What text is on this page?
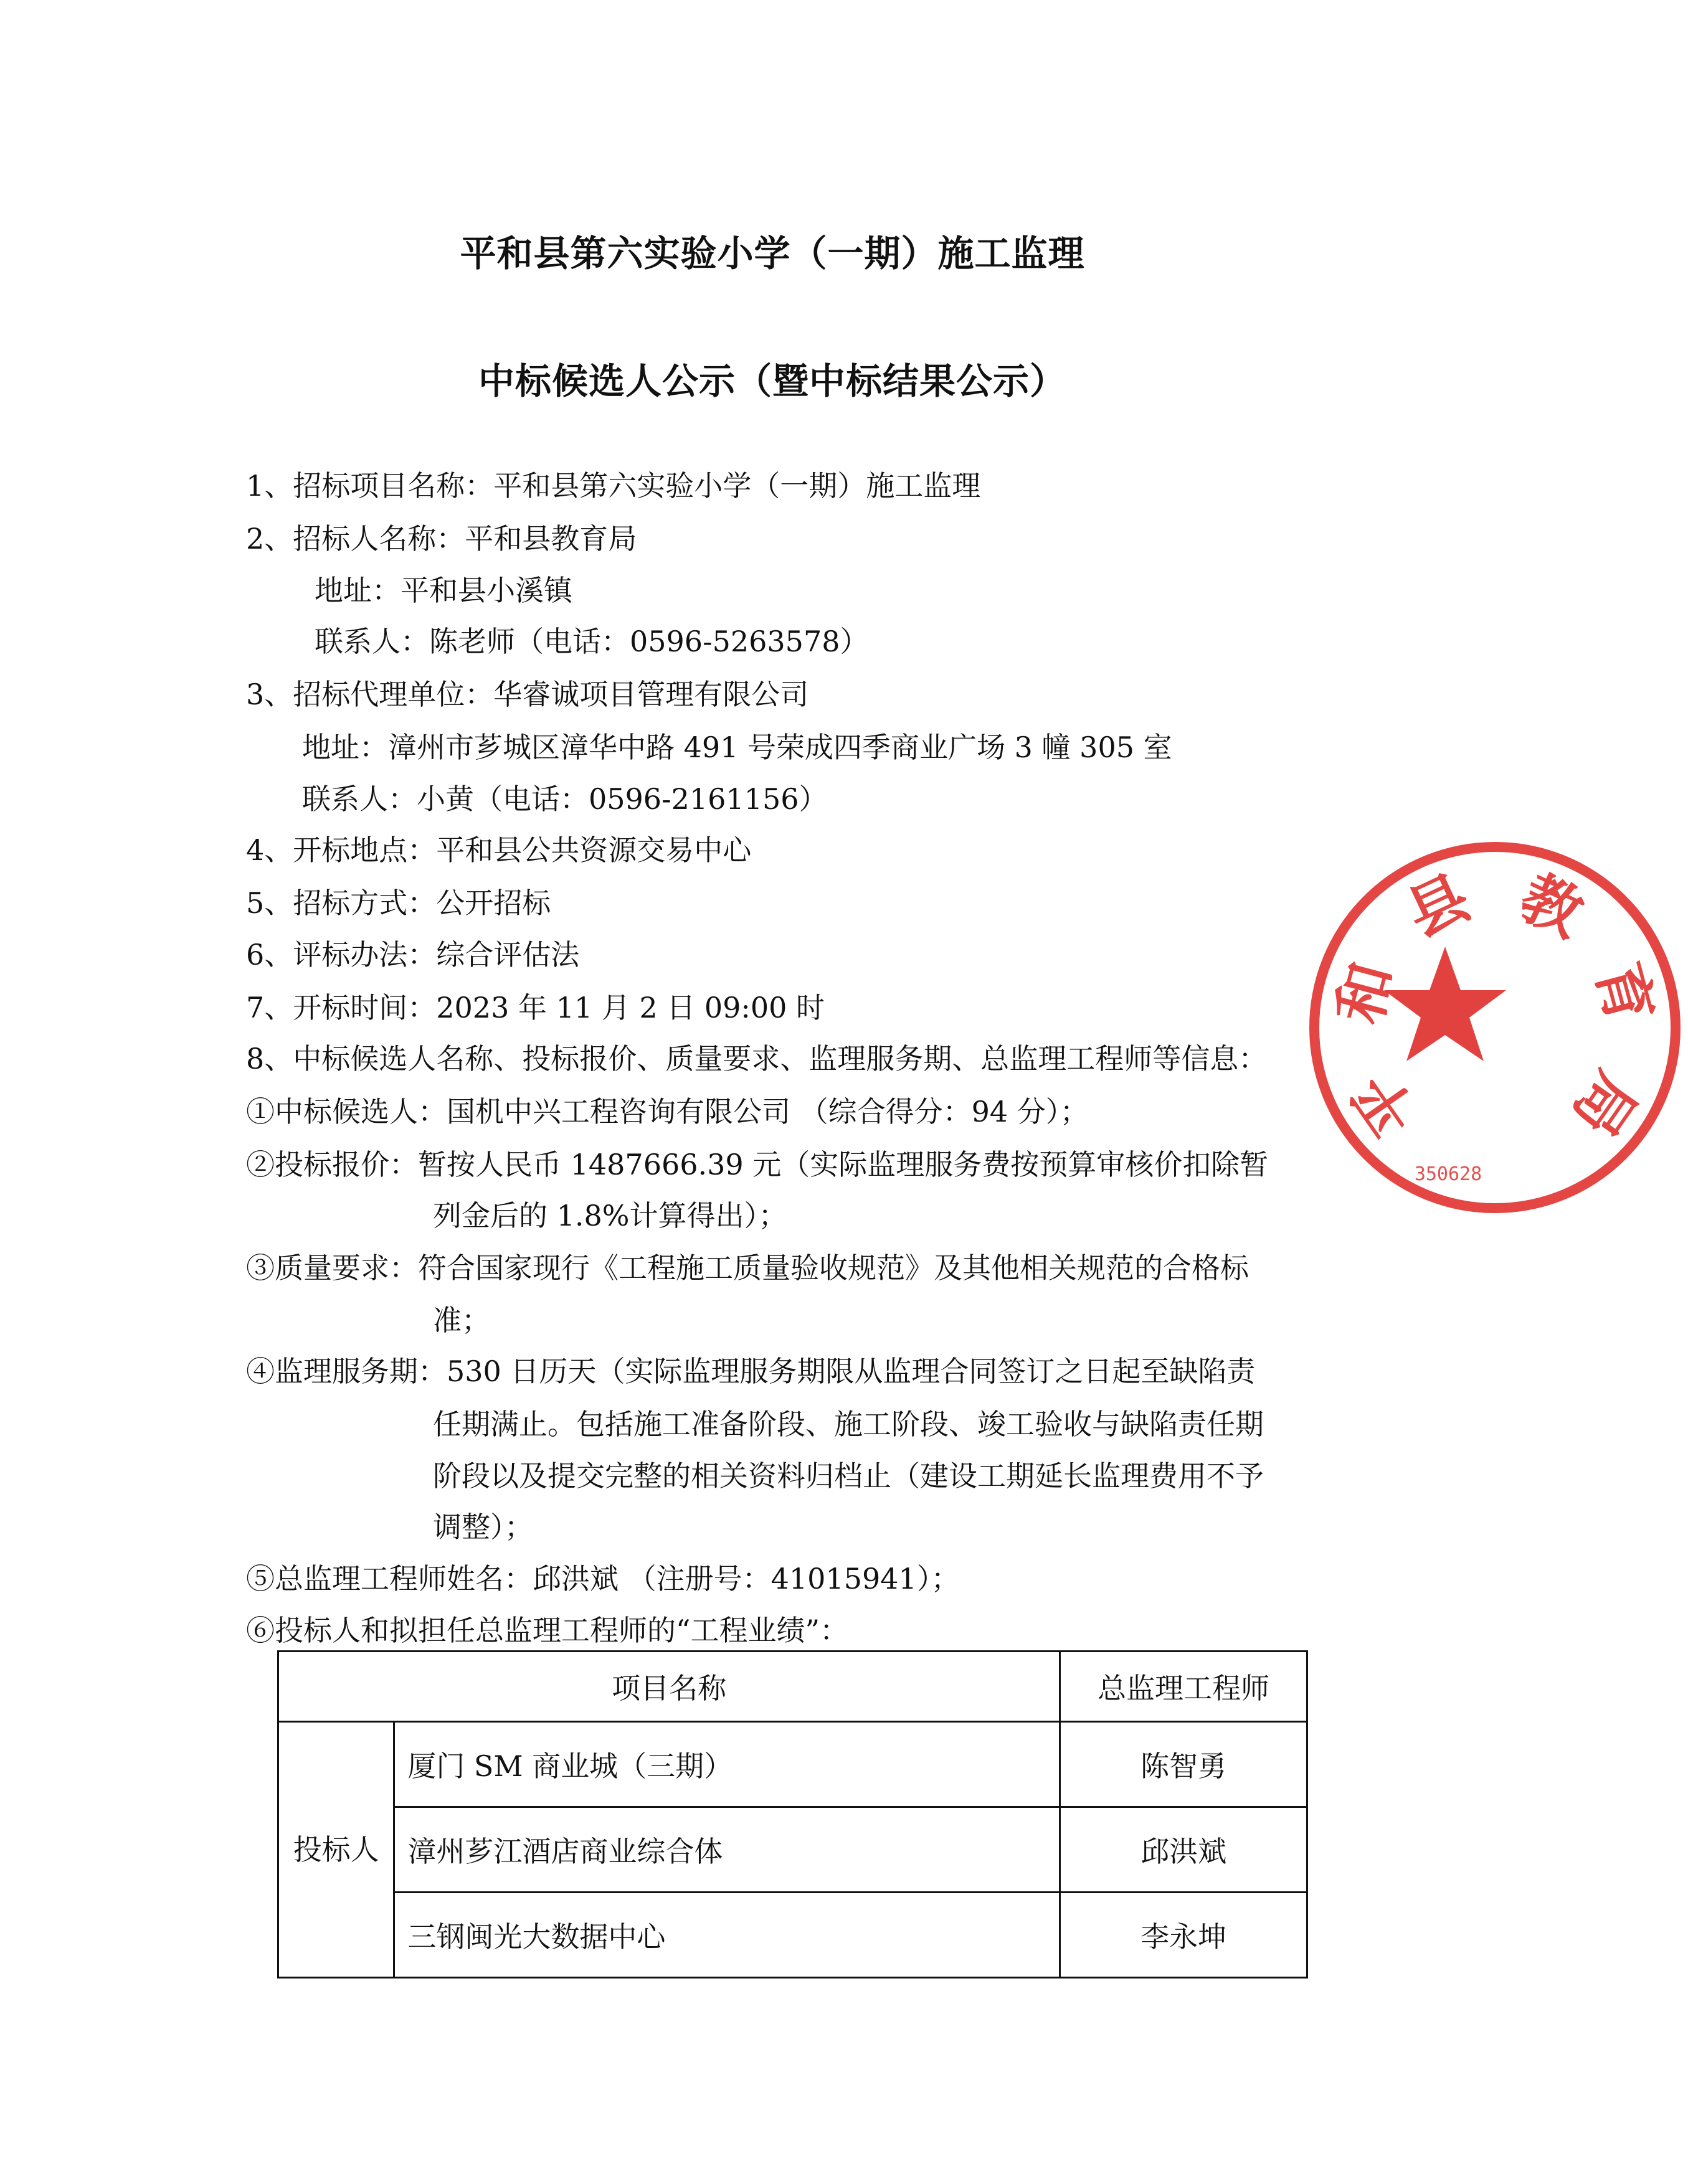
平和县第六实验小学（一期）施工监理
中标候选人公示（暨中标结果公示）
1、招标项目名称：平和县第六实验小学（一期）施工监理
2、招标人名称：平和县教育局
地址：平和县小溪镇
联系人：陈老师（电话：0596-5263578）
3、招标代理单位：华睿诚项目管理有限公司
地址：漳州市芗城区漳华中路 491 号荣成四季商业广场 3 幢 305 室
联系人：小黄（电话：0596-2161156）
4、开标地点：平和县公共资源交易中心
5、招标方式：公开招标
6、评标办法：综合评估法
7、开标时间：2023 年 11 月 2 日 09:00 时
8、中标候选人名称、投标报价、质量要求、监理服务期、总监理工程师等信息：
①中标候选人：国机中兴工程咨询有限公司 （综合得分：94 分）；
②投标报价：暂按人民币 1487666.39 元（实际监理服务费按预算审核价扣除暂
列金后的 1.8%计算得出）；
③质量要求：符合国家现行《工程施工质量验收规范》及其他相关规范的合格标
准；
④监理服务期：530 日历天（实际监理服务期限从监理合同签订之日起至缺陷责
任期满止。包括施工准备阶段、施工阶段、竣工验收与缺陷责任期
阶段以及提交完整的相关资料归档止（建设工期延长监理费用不予
调整）；
⑤总监理工程师姓名：邱洪斌 （注册号：41015941）；
⑥投标人和拟担任总监理工程师的“工程业绩”：
项目名称		总监理工程师
投标人	厦门 SM 商业城（三期）	陈智勇
	漳州芗江酒店商业综合体	邱洪斌
	三钢闽光大数据中心	李永坤
平
和
县 教
育
局
350628
